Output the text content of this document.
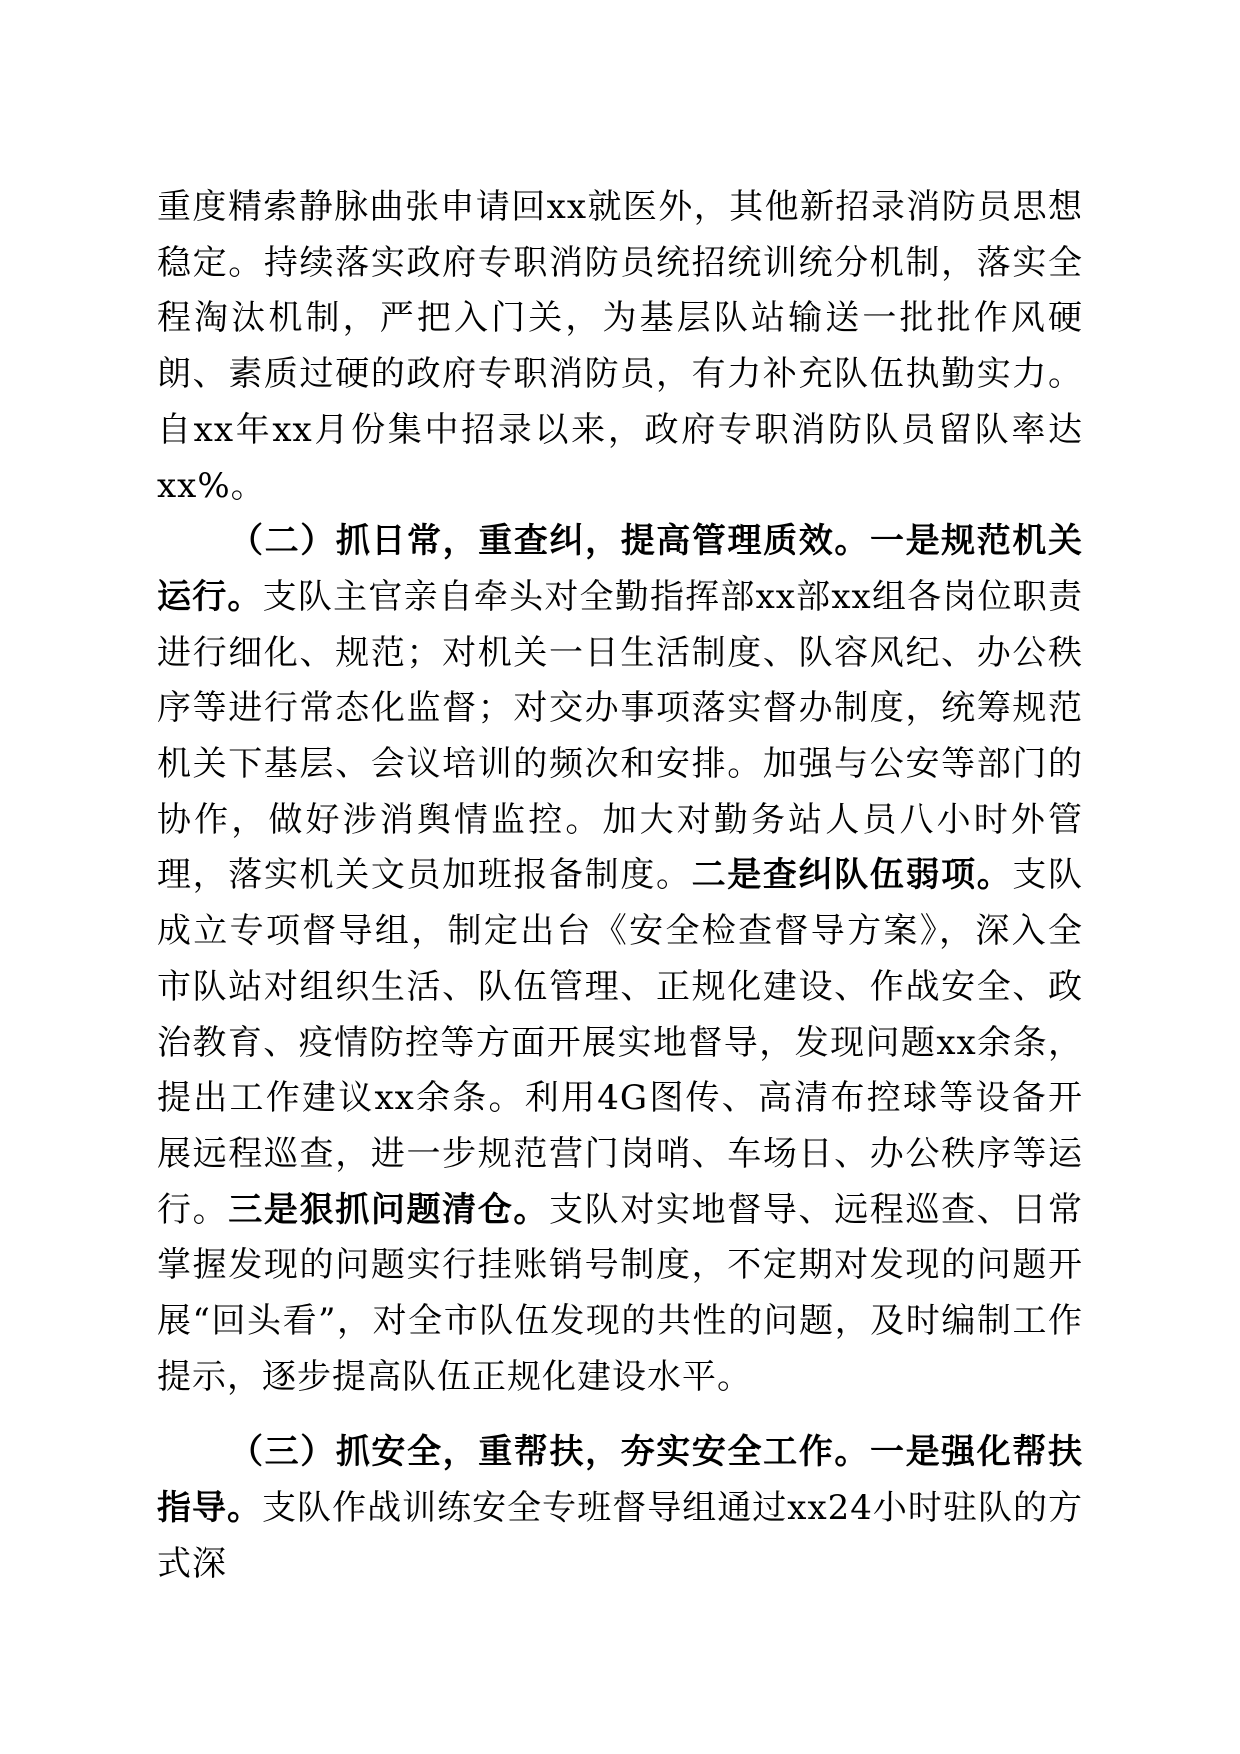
重度精索静脉曲张申请回xx就医外，其他新招录消防员思想稳定。持续落实政府专职消防员统招统训统分机制，落实全程淘汰机制，严把入门关，为基层队站输送一批批作风硬朗、素质过硬的政府专职消防员，有力补充队伍执勤实力。自xx年xx月份集中招录以来，政府专职消防队员留队率达xx%。

（二）抓日常，重查纠，提高管理质效。一是规范机关运行。支队主官亲自牵头对全勤指挥部xx部xx组各岗位职责进行细化、规范；对机关一日生活制度、队容风纪、办公秩序等进行常态化监督；对交办事项落实督办制度，统筹规范机关下基层、会议培训的频次和安排。加强与公安等部门的协作，做好涉消舆情监控。加大对勤务站人员八小时外管理，落实机关文员加班报备制度。二是查纠队伍弱项。支队成立专项督导组，制定出台《安全检查督导方案》，深入全市队站对组织生活、队伍管理、正规化建设、作战安全、政治教育、疫情防控等方面开展实地督导，发现问题xx余条，提出工作建议xx余条。利用4G图传、高清布控球等设备开展远程巡查，进一步规范营门岗哨、车场日、办公秩序等运行。三是狠抓问题清仓。支队对实地督导、远程巡查、日常掌握发现的问题实行挂账销号制度，不定期对发现的问题开展“回头看”，对全市队伍发现的共性的问题，及时编制工作提示，逐步提高队伍正规化建设水平。

（三）抓安全，重帮扶，夯实安全工作。一是强化帮扶指导。支队作战训练安全专班督导组通过xx24小时驻队的方式深
